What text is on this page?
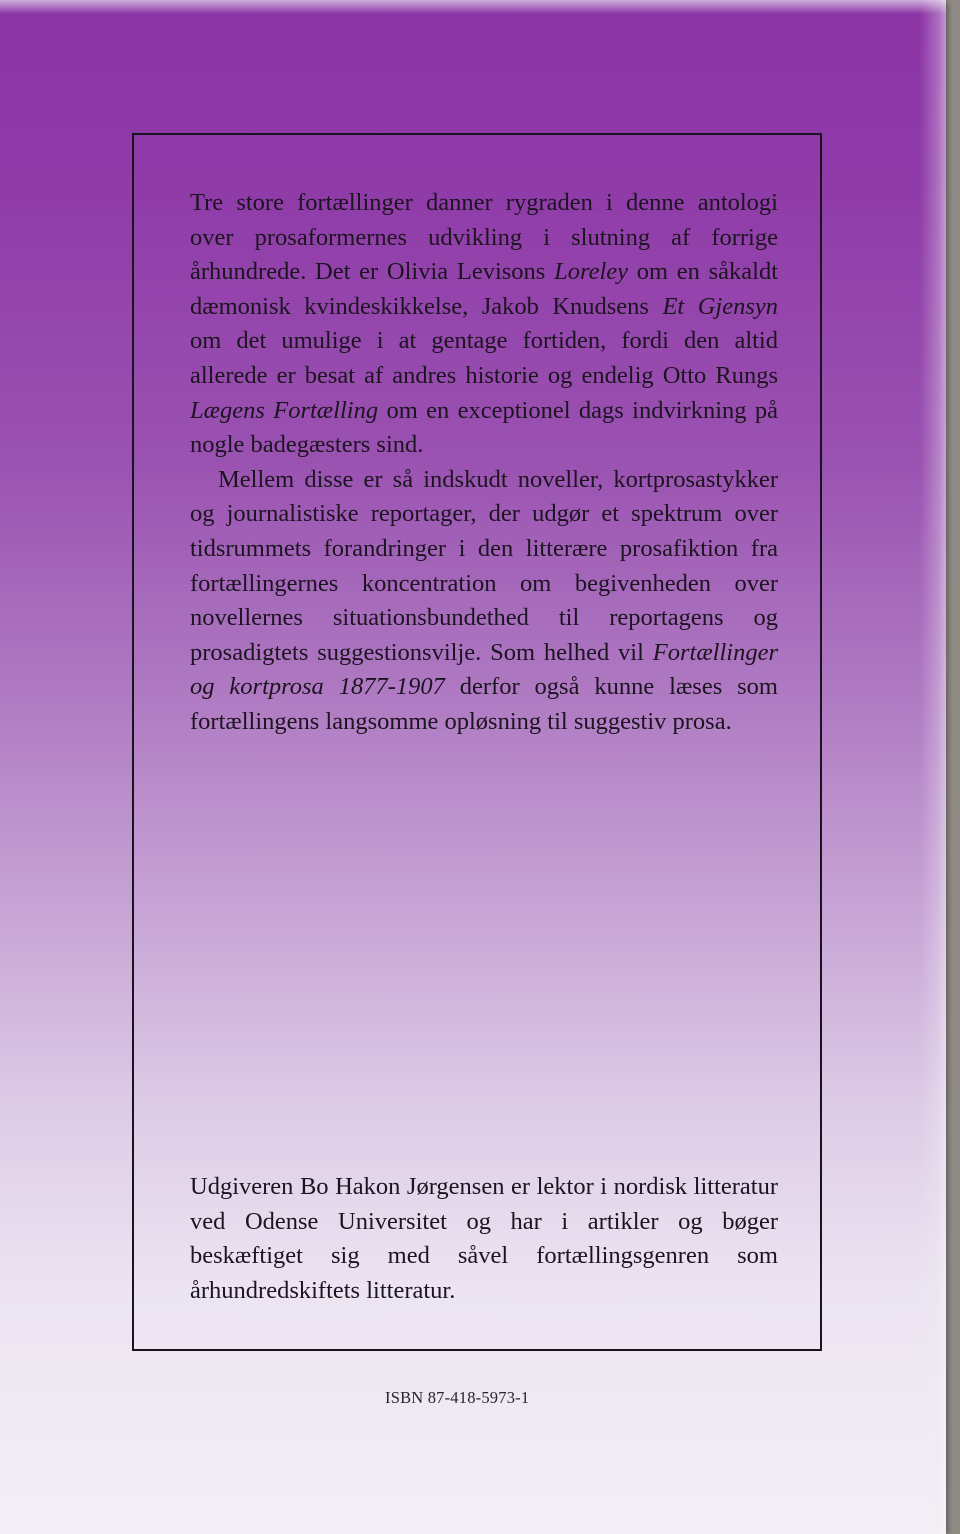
Tre store fortællinger danner rygraden i denne antologi over prosaformernes udvikling i slutning af forrige århundrede. Det er Olivia Levisons Loreley om en såkaldt dæmonisk kvindeskikkelse, Jakob Knudsens Et Gjensyn om det umulige i at gentage fortiden, fordi den altid allerede er besat af andres historie og endelig Otto Rungs Lægens Fortælling om en exceptionel dags indvirkning på nogle badegæsters sind.

Mellem disse er så indskudt noveller, kortprosastykker og journalistiske reportager, der udgør et spektrum over tidsrummets forandringer i den litterære prosafiktion fra fortællingernes koncentration om begivenheden over novellernes situationsbundethed til reportagens og prosadigtets suggestionsvilje. Som helhed vil Fortællinger og kortprosa 1877-1907 derfor også kunne læses som fortællingens langsomme opløsning til suggestiv prosa.

Udgiveren Bo Hakon Jørgensen er lektor i nordisk litteratur ved Odense Universitet og har i artikler og bøger beskæftiget sig med såvel fortællingsgenren som århundredskiftets litteratur.

ISBN 87-418-5973-1
